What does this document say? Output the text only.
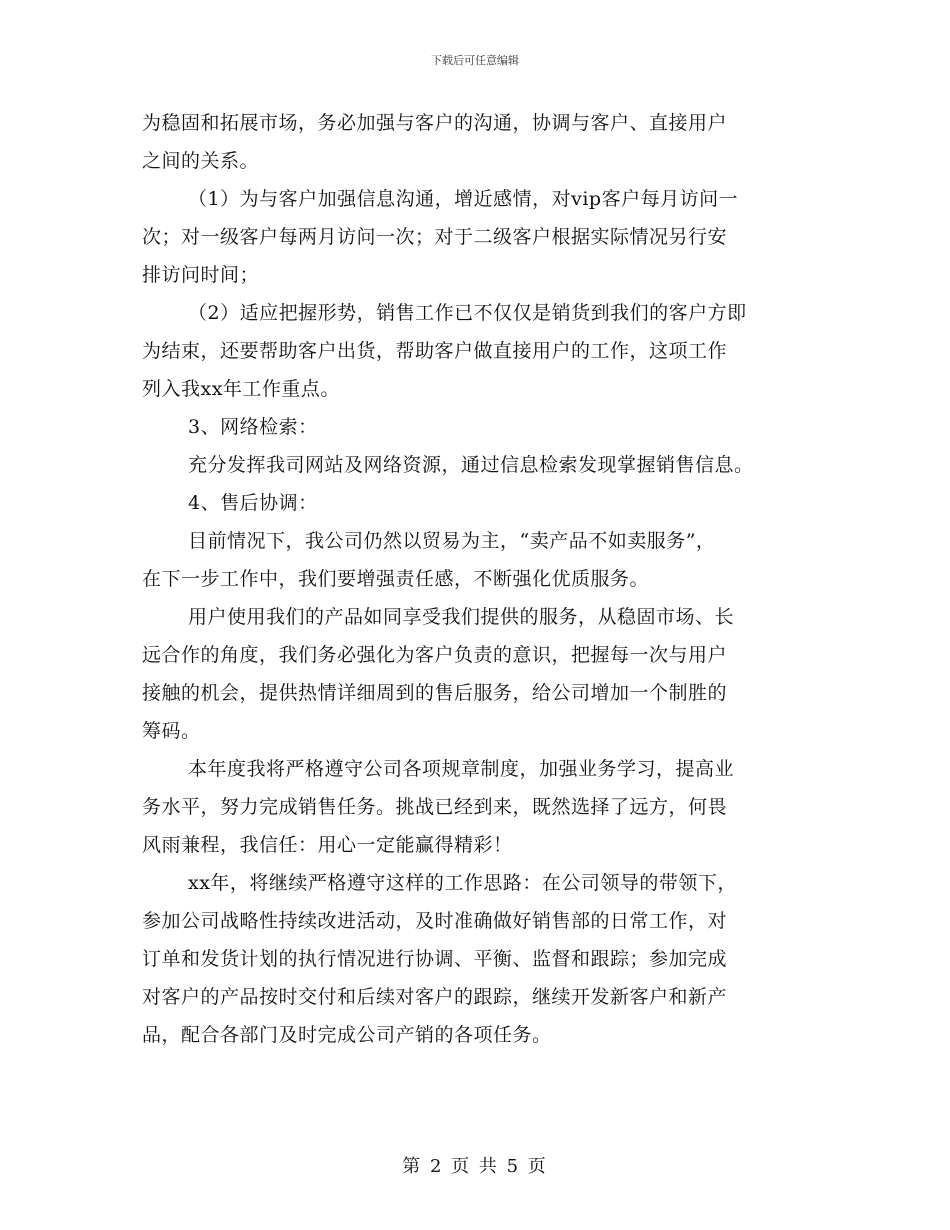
下载后可任意编辑
为稳固和拓展市场，务必加强与客户的沟通，协调与客户、直接用户
之间的关系。
（1）为与客户加强信息沟通，增近感情，对vip客户每月访问一
次；对一级客户每两月访问一次；对于二级客户根据实际情况另行安
排访问时间；
（2）适应把握形势，销售工作已不仅仅是销货到我们的客户方即
为结束，还要帮助客户出货，帮助客户做直接用户的工作，这项工作
列入我xx年工作重点。
3、网络检索：
充分发挥我司网站及网络资源，通过信息检索发现掌握销售信息。
4、售后协调：
目前情况下，我公司仍然以贸易为主，“卖产品不如卖服务”，
在下一步工作中，我们要增强责任感，不断强化优质服务。
用户使用我们的产品如同享受我们提供的服务，从稳固市场、长
远合作的角度，我们务必强化为客户负责的意识，把握每一次与用户
接触的机会，提供热情详细周到的售后服务，给公司增加一个制胜的
筹码。
本年度我将严格遵守公司各项规章制度，加强业务学习，提高业
务水平，努力完成销售任务。挑战已经到来，既然选择了远方，何畏
风雨兼程，我信任：用心一定能赢得精彩！
xx年，将继续严格遵守这样的工作思路：在公司领导的带领下，
参加公司战略性持续改进活动，及时准确做好销售部的日常工作，对
订单和发货计划的执行情况进行协调、平衡、监督和跟踪；参加完成
对客户的产品按时交付和后续对客户的跟踪，继续开发新客户和新产
品，配合各部门及时完成公司产销的各项任务。
第 2 页 共 5 页
